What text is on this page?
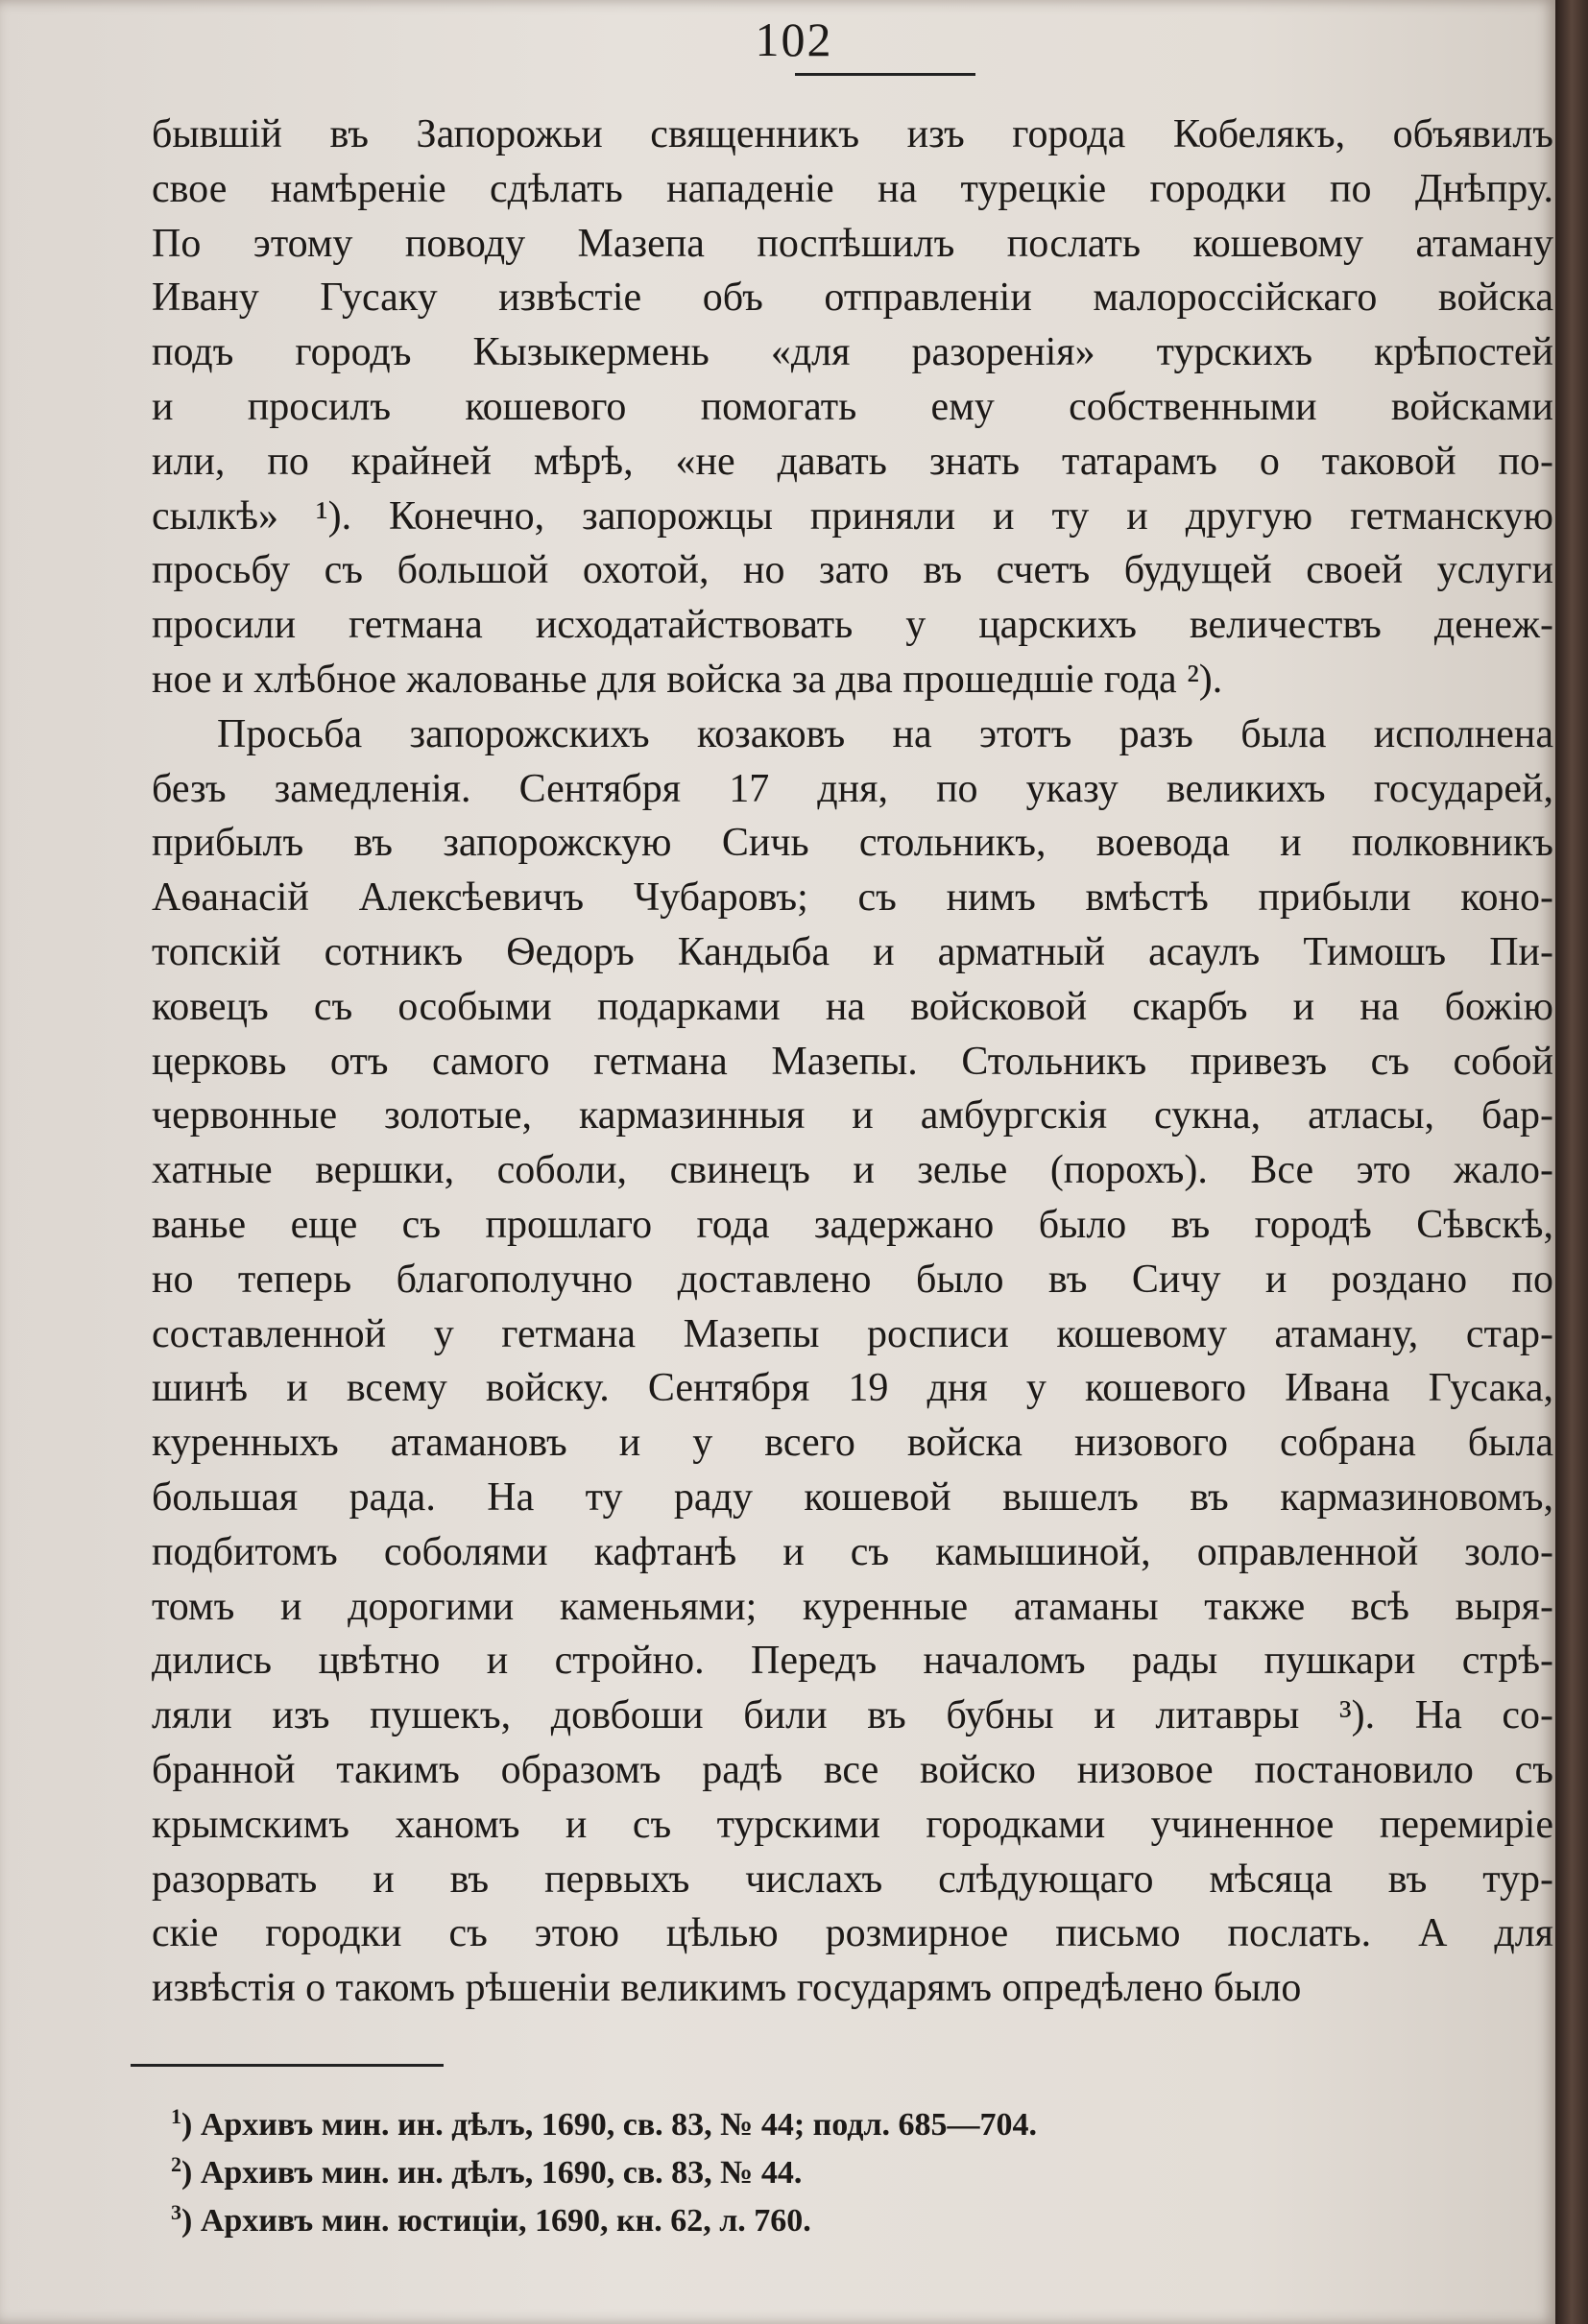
102
бывшій въ Запорожьи священникъ изъ города Кобелякъ, объявилъ
свое намѣреніе сдѣлать нападеніе на турецкіе городки по Днѣпру.
По этому поводу Мазепа поспѣшилъ послать кошевому атаману
Ивану Гусаку извѣстіе объ отправленіи малороссійскаго войска
подъ городъ Кызыкермень «для разоренія» турскихъ крѣпостей
и просилъ кошевого помогать ему собственными войсками
или, по крайней мѣрѣ, «не давать знать татарамъ о таковой по-
сылкѣ» ¹). Конечно, запорожцы приняли и ту и другую гетманскую
просьбу съ большой охотой, но зато въ счетъ будущей своей услуги
просили гетмана исходатайствовать у царскихъ величествъ денеж-
ное и хлѣбное жалованье для войска за два прошедшіе года ²).
Просьба запорожскихъ козаковъ на этотъ разъ была исполнена
безъ замедленія. Сентября 17 дня, по указу великихъ государей,
прибылъ въ запорожскую Сичь стольникъ, воевода и полковникъ
Аѳанасій Алексѣевичъ Чубаровъ; съ нимъ вмѣстѣ прибыли коно-
топскій сотникъ Ѳедоръ Кандыба и арматный асаулъ Тимошъ Пи-
ковецъ съ особыми подарками на войсковой скарбъ и на божію
церковь отъ самого гетмана Мазепы. Стольникъ привезъ съ собой
червонные золотые, кармазинныя и амбургскія сукна, атласы, бар-
хатные вершки, соболи, свинецъ и зелье (порохъ). Все это жало-
ванье еще съ прошлаго года задержано было въ городѣ Сѣвскѣ,
но теперь благополучно доставлено было въ Сичу и роздано по
составленной у гетмана Мазепы росписи кошевому атаману, стар-
шинѣ и всему войску. Сентября 19 дня у кошевого Ивана Гусака,
куренныхъ атамановъ и у всего войска низового собрана была
большая рада. На ту раду кошевой вышелъ въ кармазиновомъ,
подбитомъ соболями кафтанѣ и съ камышиной, оправленной золо-
томъ и дорогими каменьями; куренные атаманы также всѣ выря-
дились цвѣтно и стройно. Передъ началомъ рады пушкари стрѣ-
ляли изъ пушекъ, довбоши били въ бубны и литавры ³). На со-
бранной такимъ образомъ радѣ все войско низовое постановило съ
крымскимъ ханомъ и съ турскими городками учиненное перемиріе
разорвать и въ первыхъ числахъ слѣдующаго мѣсяца въ тур-
скіе городки съ этою цѣлью розмирное письмо послать. А для
извѣстія о такомъ рѣшеніи великимъ государямъ опредѣлено было
$^1$) Архивъ мин. ин. дѣлъ, 1690, св. 83, № 44; подл. 685—704.
$^2$) Архивъ мин. ин. дѣлъ, 1690, св. 83, № 44.
$^3$) Архивъ мин. юстиціи, 1690, кн. 62, л. 760.
